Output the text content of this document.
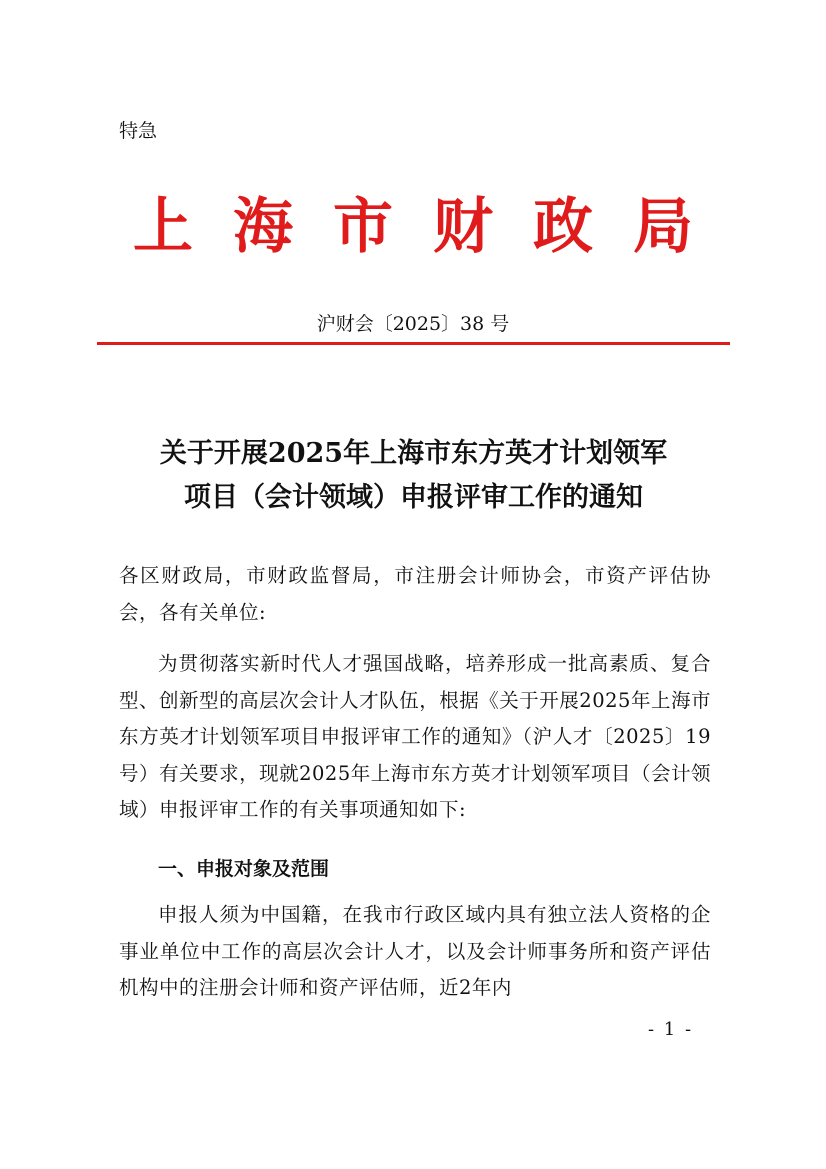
特急
上海市财政局
沪财会〔2025〕38 号
关于开展2025年上海市东方英才计划领军
项目（会计领域）申报评审工作的通知
各区财政局，市财政监督局，市注册会计师协会，市资产评估协会，各有关单位:
为贯彻落实新时代人才强国战略，培养形成一批高素质、复合型、创新型的高层次会计人才队伍，根据《关于开展2025年上海市东方英才计划领军项目申报评审工作的通知》（沪人才〔2025〕19号）有关要求，现就2025年上海市东方英才计划领军项目（会计领域）申报评审工作的有关事项通知如下:
一、申报对象及范围
申报人须为中国籍，在我市行政区域内具有独立法人资格的企事业单位中工作的高层次会计人才，以及会计师事务所和资产评估机构中的注册会计师和资产评估师，近2年内
- 1 -
